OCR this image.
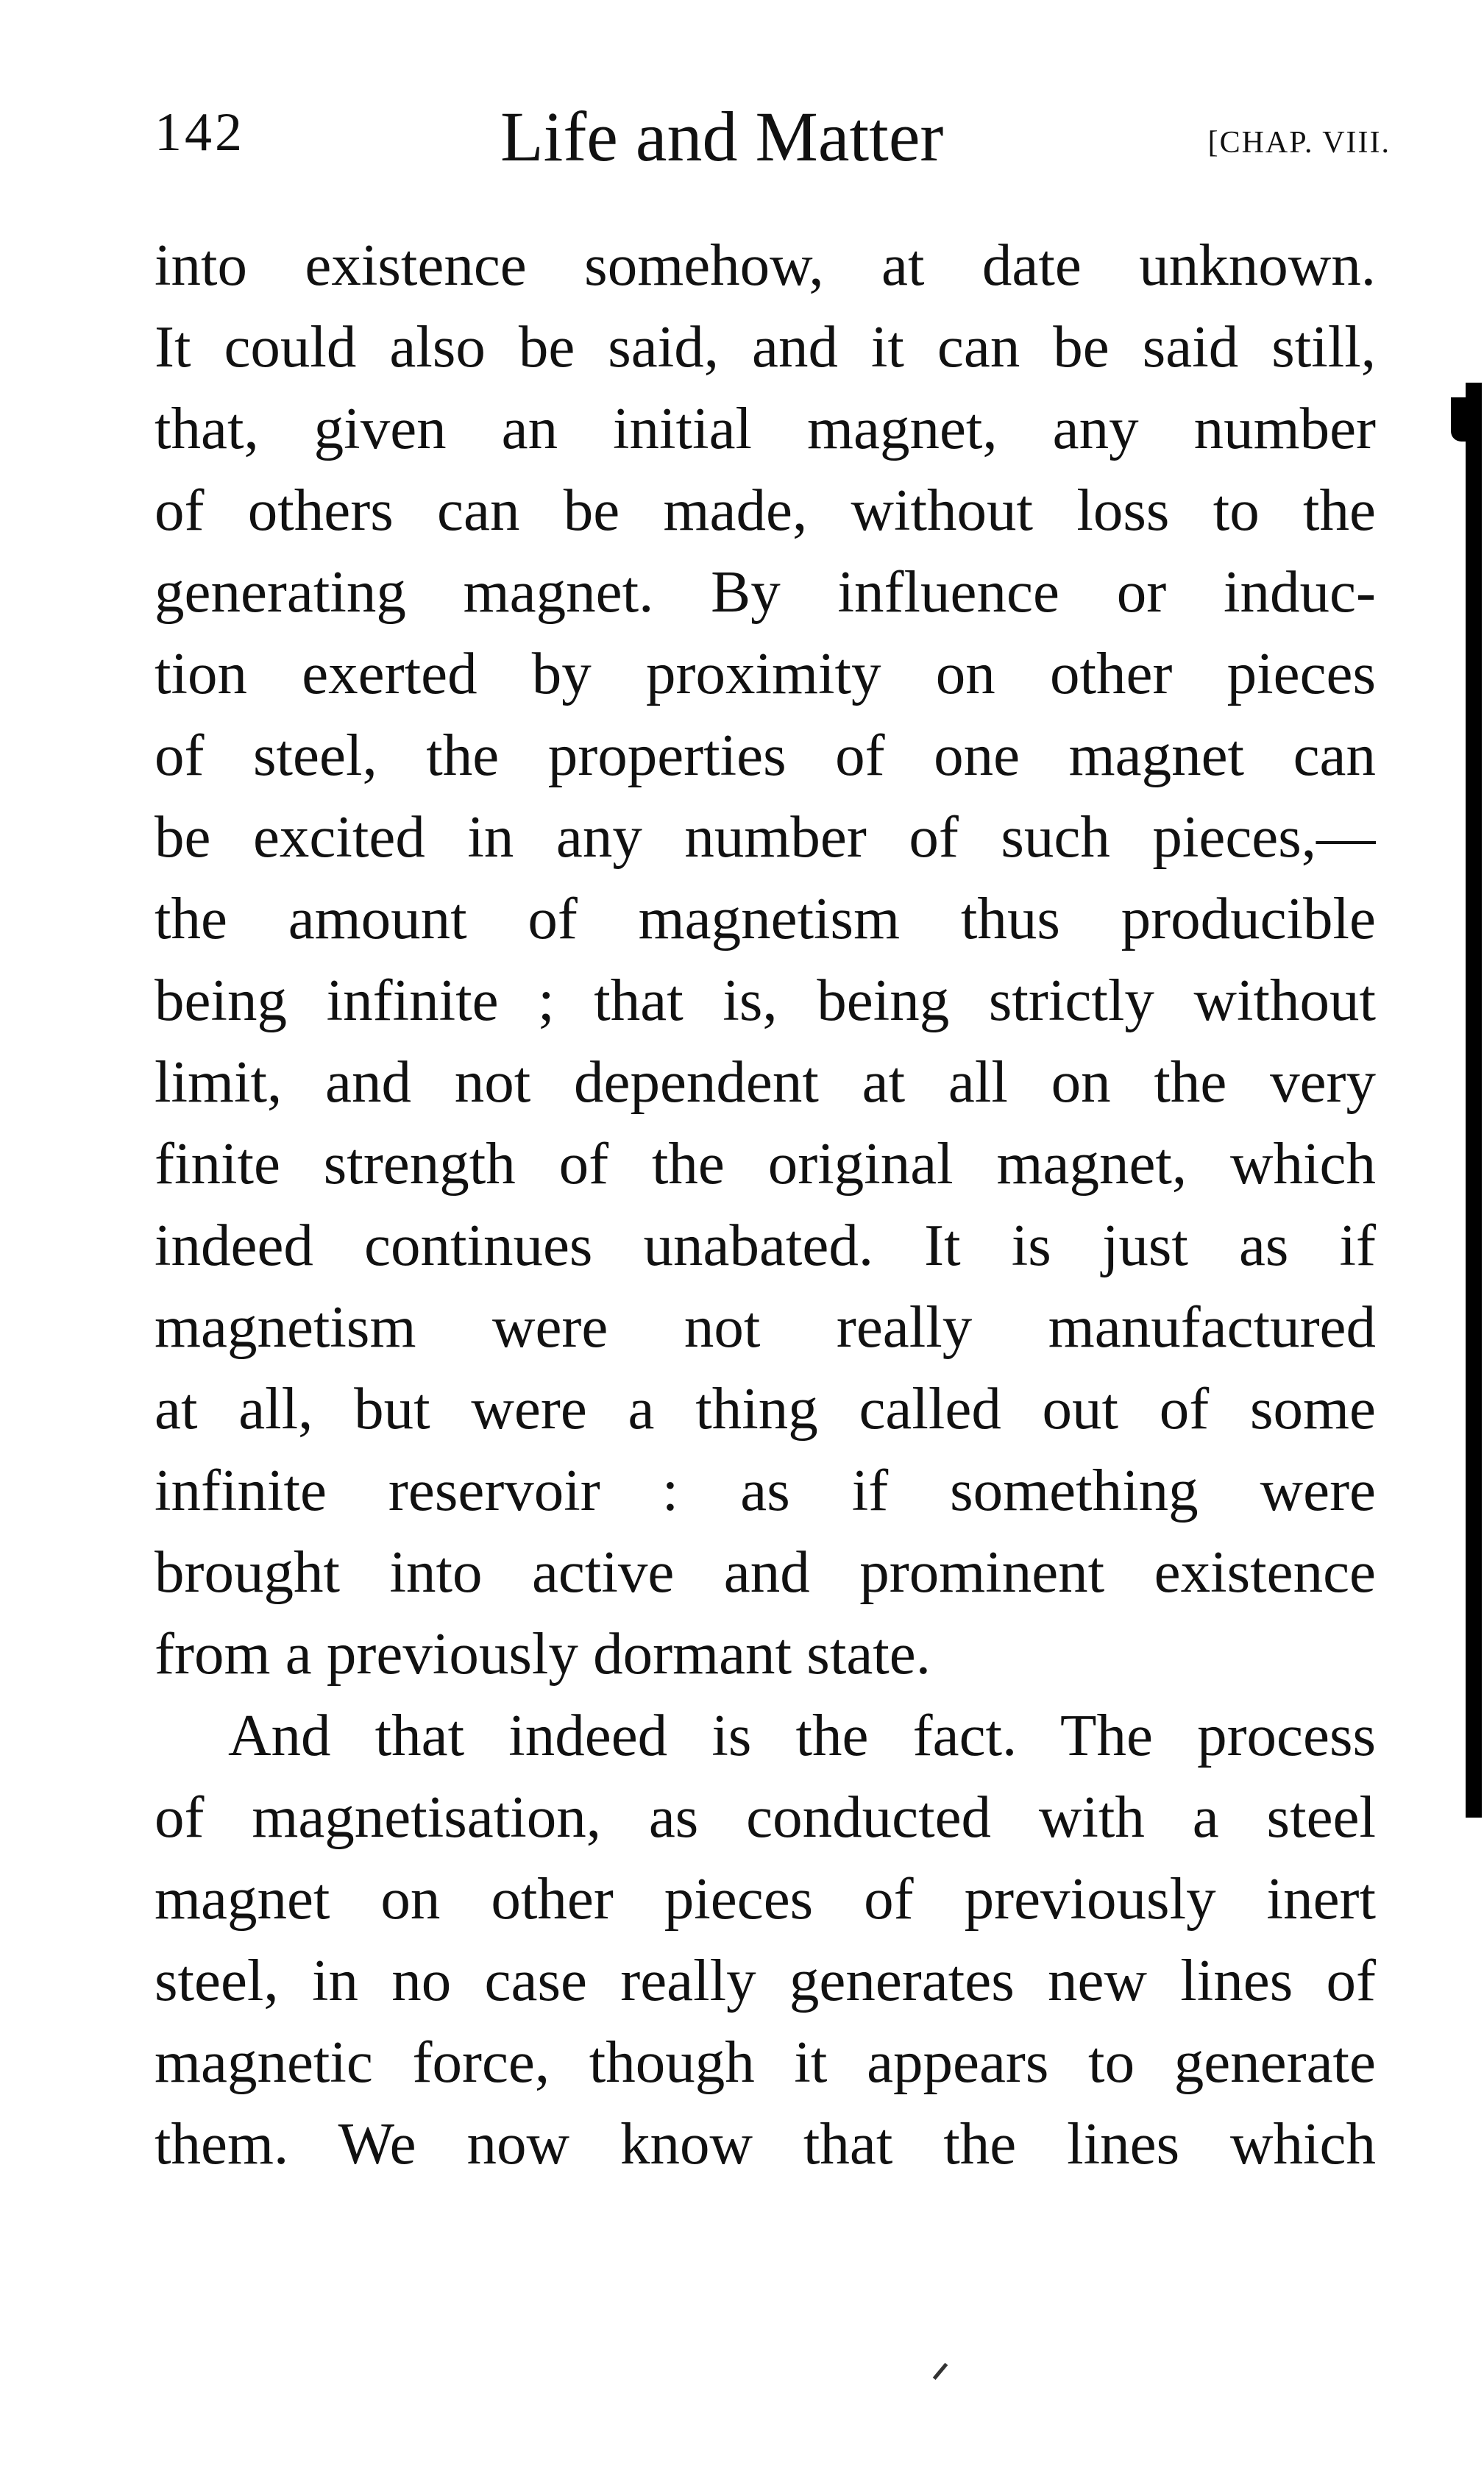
142	Life and Matter	[CHAP. VIII.
into existence somehow, at date unknown.
It could also be said, and it can be said still,
that, given an initial magnet, any number
of others can be made, without loss to the
generating magnet. By influence or induc-
tion exerted by proximity on other pieces
of steel, the properties of one magnet can
be excited in any number of such pieces,—
the amount of magnetism thus producible
being infinite ; that is, being strictly without
limit, and not dependent at all on the very
finite strength of the original magnet, which
indeed continues unabated. It is just as if
magnetism were not really manufactured
at all, but were a thing called out of some
infinite reservoir : as if something were
brought into active and prominent existence
from a previously dormant state.
And that indeed is the fact. The process
of magnetisation, as conducted with a steel
magnet on other pieces of previously inert
steel, in no case really generates new lines of
magnetic force, though it appears to generate
them. We now know that the lines which
